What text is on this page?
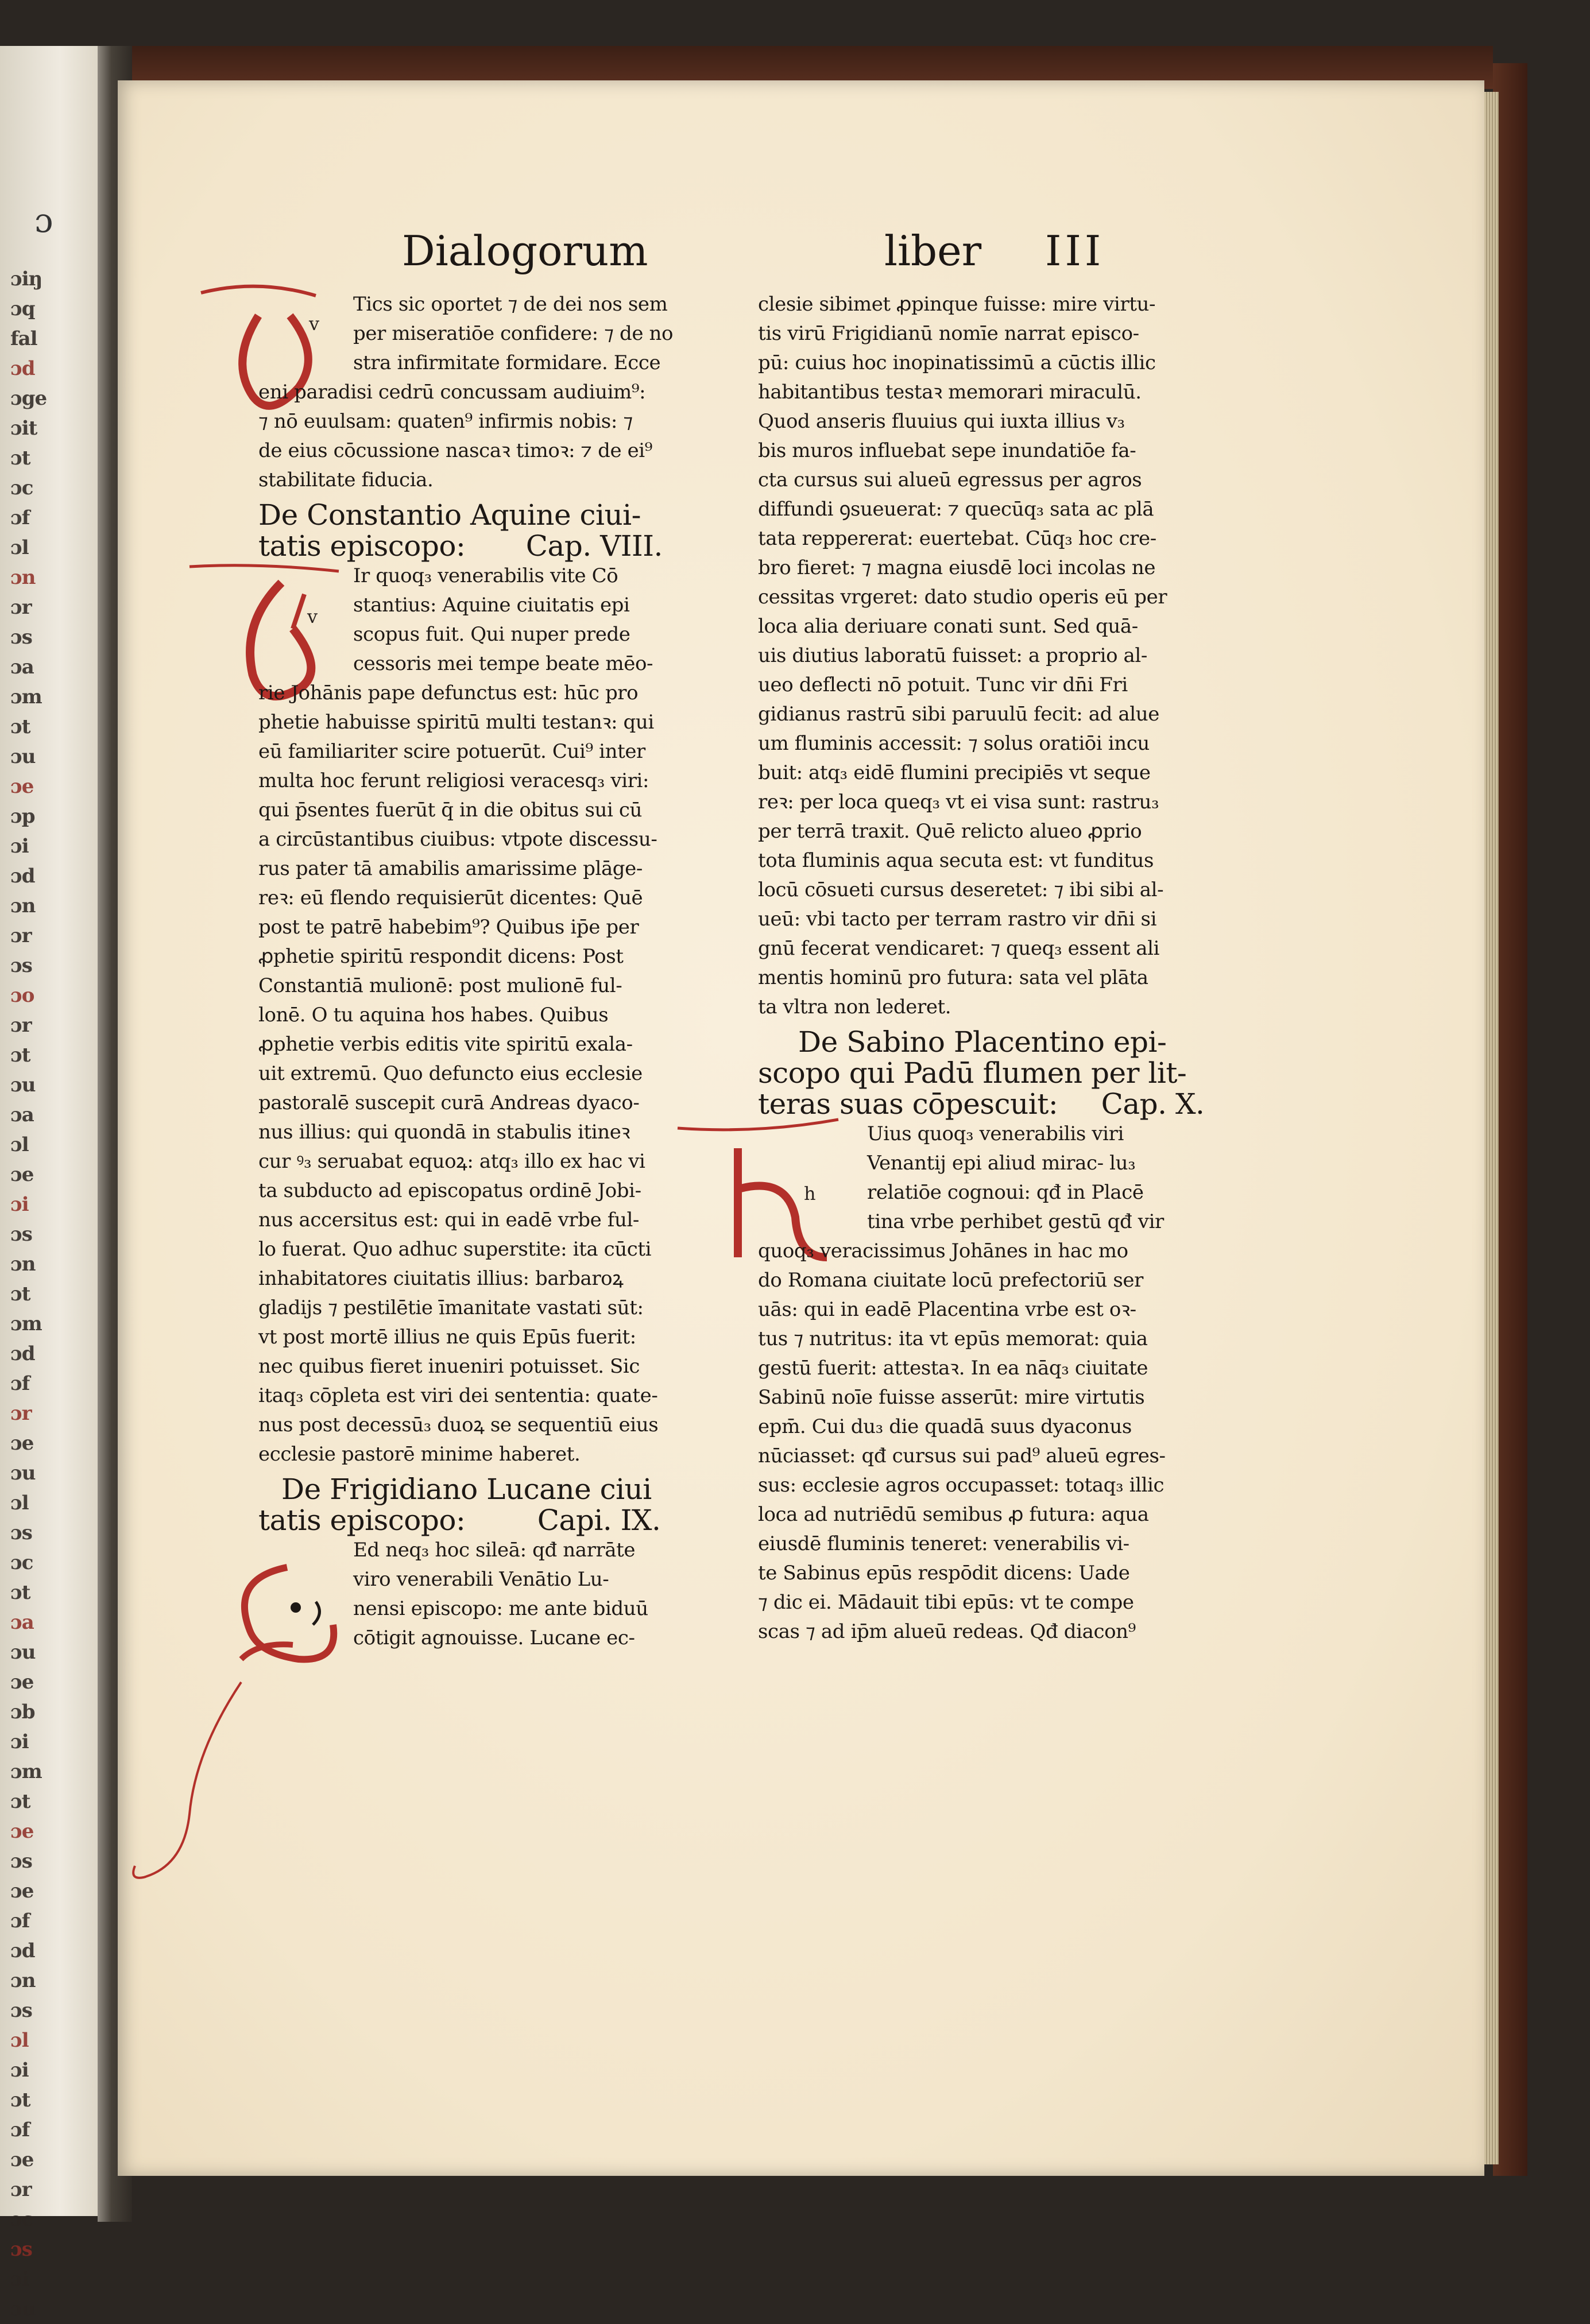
ɔ
ɔiŋ
ɔq
fal
ɔd
ɔge
ɔit
ɔt
ɔc
ɔf
ɔl
ɔn
ɔr
ɔs
ɔa
ɔm
ɔt
ɔu
ɔe
ɔp
ɔi
ɔd
ɔn
ɔr
ɔs
ɔo
ɔr
ɔt
ɔu
ɔa
ɔl
ɔe
ɔi
ɔs
ɔn
ɔt
ɔm
ɔd
ɔf
ɔr
ɔe
ɔu
ɔl
ɔs
ɔc
ɔt
ɔa
ɔu
ɔe
ɔb
ɔi
ɔm
ɔt
ɔe
ɔs
ɔe
ɔf
ɔd
ɔn
ɔs
ɔl
ɔi
ɔt
ɔf
ɔe
ɔr
ɔc
ɔs
ɔi
ɔu
Dialogorum	liber III
v
v
h
Tics sic oportet ⁊ de dei nos sem
per miseratiōe confidere: ⁊ de no
stra infirmitate formidare. Ecce
eni paradisi cedrū concussam audiuim⁹:
⁊ nō euulsam: quaten⁹ infirmis nobis: ⁊
de eius cōcussione nascaꝛ timoꝛ: ⁊ de ei⁹
stabilitate fiducia.
De Constantio Aquine ciui-
tatis episcopo: Cap. VIII.
Ir quoq₃ venerabilis vite Cō
stantius: Aquine ciuitatis epi
scopus fuit. Qui nuper prede
cessoris mei tempe beate mēo-
rie Johānis pape defunctus est: hūc pro
phetie habuisse spiritū multi testanꝛ: qui
eū familiariter scire potuerūt. Cui⁹ inter
multa hoc ferunt religiosi veracesq₃ viri:
qui p̄sentes fuerūt q̄ in die obitus sui cū
a circūstantibus ciuibus: vtpote discessu-
rus pater tā amabilis amarissime plāge-
reꝛ: eū flendo requisierūt dicentes: Quē
post te patrē habebim⁹? Quibus ip̄e per
ꝓphetie spiritū respondit dicens: Post
Constantiā mulionē: post mulionē ful-
lonē. O tu aquina hos habes. Quibus
ꝓphetie verbis editis vite spiritū exala-
uit extremū. Quo defuncto eius ecclesie
pastoralē suscepit curā Andreas dyaco-
nus illius: qui quondā in stabulis itineꝛ
cur ꝰ₃ seruabat equoꝝ: atq₃ illo ex hac vi
ta subducto ad episcopatus ordinē Jobi-
nus accersitus est: qui in eadē vrbe ful-
lo fuerat. Quo adhuc superstite: ita cūcti
inhabitatores ciuitatis illius: barbaroꝝ
gladijs ⁊ pestilētie īmanitate vastati sūt:
vt post mortē illius ne quis Epūs fuerit:
nec quibus fieret inueniri potuisset. Sic
itaq₃ cōpleta est viri dei sententia: quate-
nus post decessū₃ duoꝝ se sequentiū eius
ecclesie pastorē minime haberet.
De Frigidiano Lucane ciui
tatis episcopo:	Capi. IX.
Ed neq₃ hoc sileā: qđ narrāte
viro venerabili Venātio Lu-
nensi episcopo: me ante biduū
cōtigit agnouisse. Lucane ec-
clesie sibimet ꝓpinque fuisse: mire virtu-
tis virū Frigidianū nomīe narrat episco-
pū: cuius hoc inopinatissimū a cūctis illic
habitantibus testaꝛ memorari miraculū.
Quod anseris fluuius qui iuxta illius v₃
bis muros influebat sepe inundatiōe fa-
cta cursus sui alueū egressus per agros
diffundi ꝯsueuerat: ⁊ quecūq₃ sata ac plā
tata reppererat: euertebat. Cūq₃ hoc cre-
bro fieret: ⁊ magna eiusdē loci incolas ne
cessitas vrgeret: dato studio operis eū per
loca alia deriuare conati sunt. Sed quā-
uis diutius laboratū fuisset: a proprio al-
ueo deflecti nō potuit. Tunc vir dn̄i Fri
gidianus rastrū sibi paruulū fecit: ad alue
um fluminis accessit: ⁊ solus oratiōi incu
buit: atq₃ eidē flumini precipiēs vt seque
reꝛ: per loca queq₃ vt ei visa sunt: rastru₃
per terrā traxit. Quē relicto alueo ꝓprio
tota fluminis aqua secuta est: vt funditus
locū cōsueti cursus deseretet: ⁊ ibi sibi al-
ueū: vbi tacto per terram rastro vir dn̄i si
gnū fecerat vendicaret: ⁊ queq₃ essent ali
mentis hominū pro futura: sata vel plāta
ta vltra non lederet.
De Sabino Placentino epi-
scopo qui Padū flumen per lit-
teras suas cōpescuit: Cap. X.
Uius quoq₃ venerabilis viri
Venantij epi aliud mirac- lu₃
relatiōe cognoui: qđ in Placē
tina vrbe perhibet gestū qđ vir
quoq₃ veracissimus Johānes in hac mo
do Romana ciuitate locū prefectoriū ser
uās: qui in eadē Placentina vrbe est oꝛ-
tus ⁊ nutritus: ita vt epūs memorat: quia
gestū fuerit: attestaꝛ. In ea nāq₃ ciuitate
Sabinū noīe fuisse asserūt: mire virtutis
epm̄. Cui du₃ die quadā suus dyaconus
nūciasset: qđ cursus sui pad⁹ alueū egres-
sus: ecclesie agros occupasset: totaq₃ illic
loca ad nutriēdū semibus ꝓ futura: aqua
eiusdē fluminis teneret: venerabilis vi-
te Sabinus epūs respōdit dicens: Uade
⁊ dic ei. Mādauit tibi epūs: vt te compe
scas ⁊ ad ip̄m alueū redeas. Qđ diacon⁹
